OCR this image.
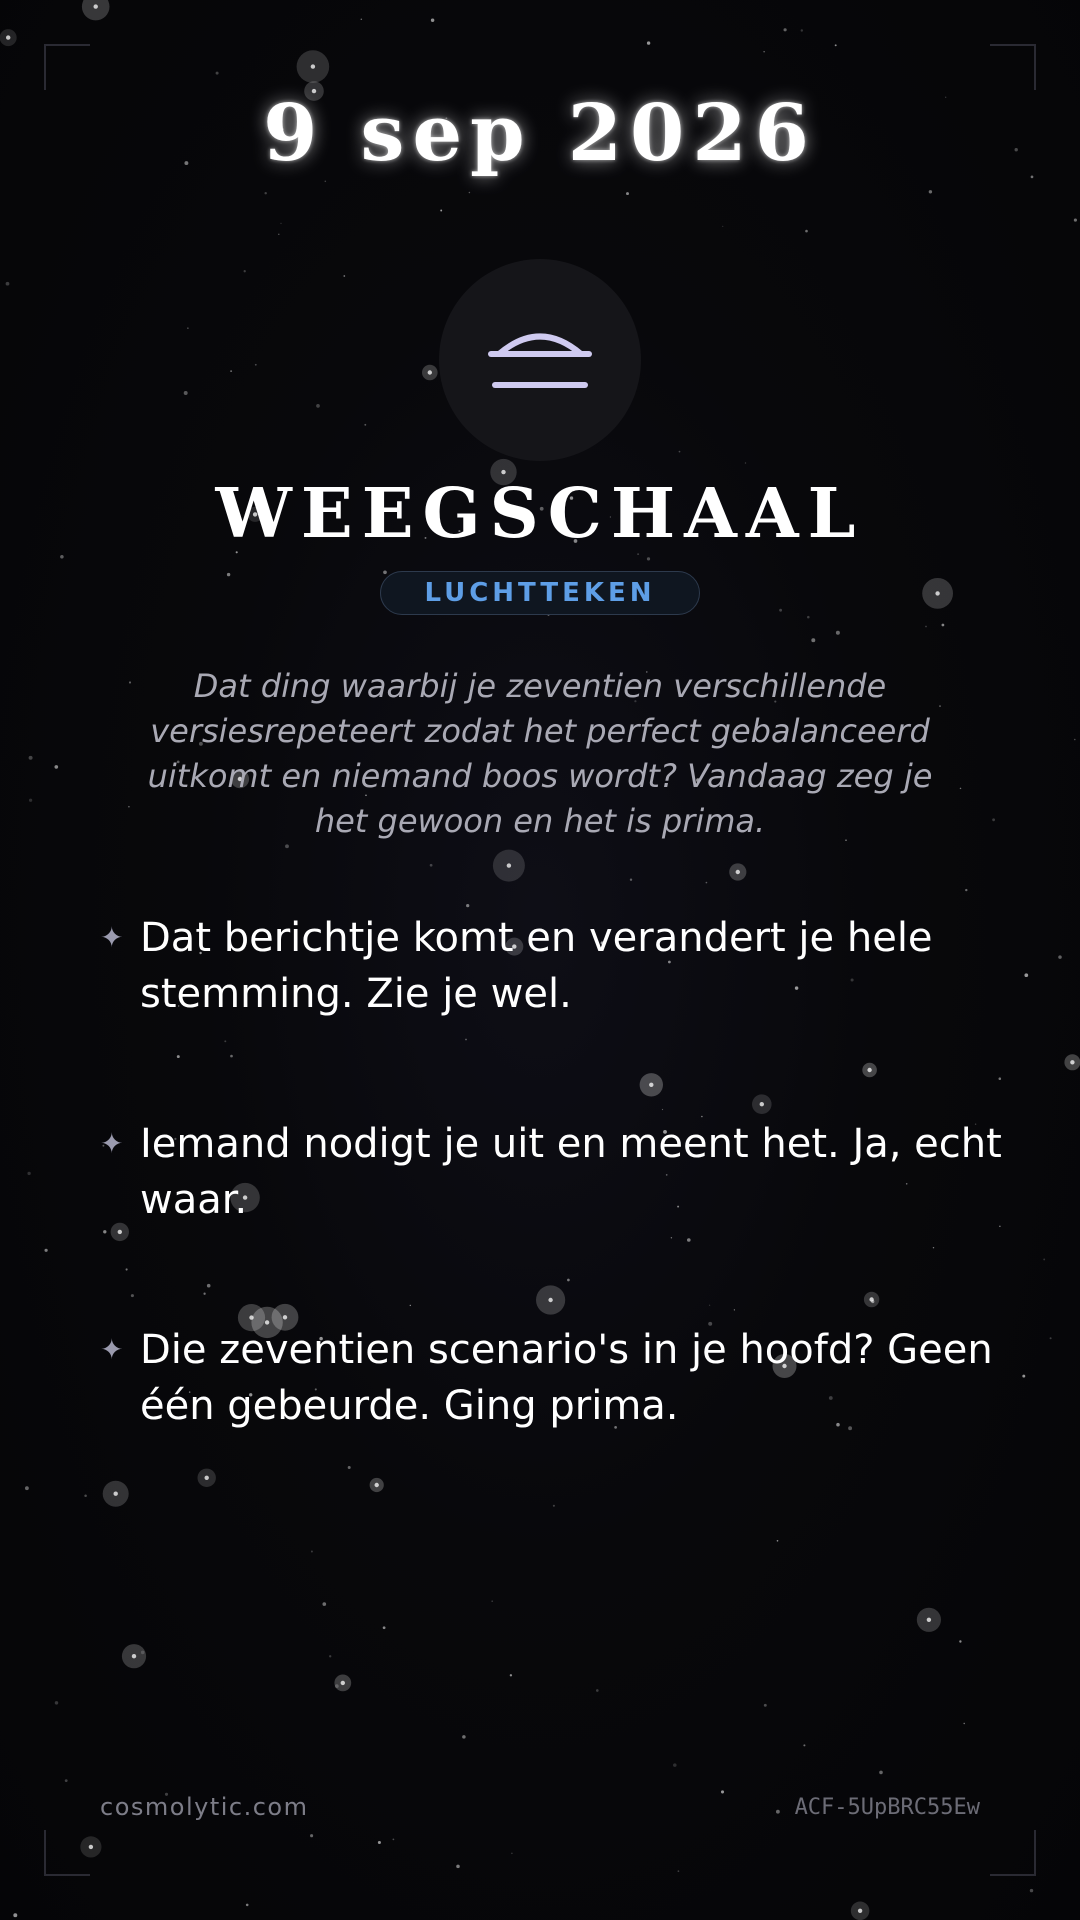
9 sep 2026
WEEGSCHAAL
LUCHTTEKEN
Dat ding waarbij je zeventien verschillende versiesrepeteert zodat het perfect gebalanceerd uitkomt en niemand boos wordt? Vandaag zeg je het gewoon en het is prima.
✦ Dat berichtje komt en verandert je hele stemming. Zie je wel.
✦ Iemand nodigt je uit en meent het. Ja, echt waar.
✦ Die zeventien scenario's in je hoofd? Geen één gebeurde. Ging prima.
cosmolytic.com	ACF-5UpBRC55Ew
